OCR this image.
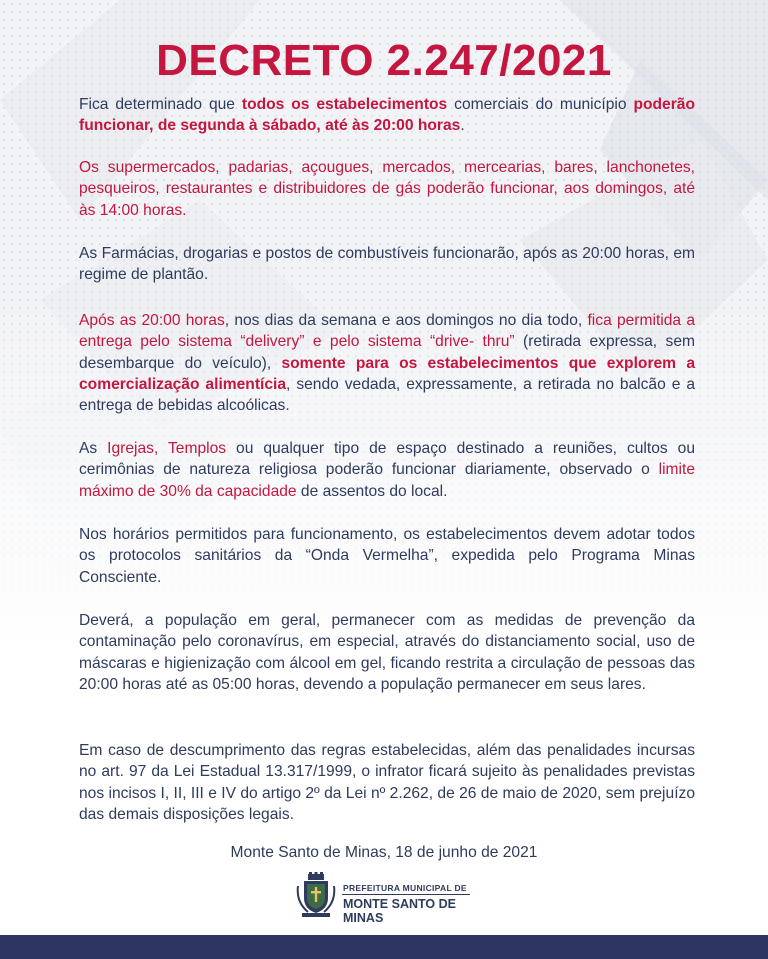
DECRETO 2.247/2021

Fica determinado que todos os estabelecimentos comerciais do município poderão funcionar, de segunda à sábado, até às 20:00 horas.

Os supermercados, padarias, açougues, mercados, mercearias, bares, lanchonetes, pesqueiros, restaurantes e distribuidores de gás poderão funcionar, aos domingos, até às 14:00 horas.

As Farmácias, drogarias e postos de combustíveis funcionarão, após as 20:00 horas, em regime de plantão.

Após as 20:00 horas, nos dias da semana e aos domingos no dia todo, fica permitida a entrega pelo sistema “delivery” e pelo sistema “drive- thru” (retirada expressa, sem desembarque do veículo), somente para os estabelecimentos que explorem a comercialização alimentícia, sendo vedada, expressamente, a retirada no balcão e a entrega de bebidas alcoólicas.

As Igrejas, Templos ou qualquer tipo de espaço destinado a reuniões, cultos ou cerimônias de natureza religiosa poderão funcionar diariamente, observado o limite máximo de 30% da capacidade de assentos do local.

Nos horários permitidos para funcionamento, os estabelecimentos devem adotar todos os protocolos sanitários da “Onda Vermelha”, expedida pelo Programa Minas Consciente.

Deverá, a população em geral, permanecer com as medidas de prevenção da contaminação pelo coronavírus, em especial, através do distanciamento social, uso de máscaras e higienização com álcool em gel, ficando restrita a circulação de pessoas das 20:00 horas até as 05:00 horas, devendo a população permanecer em seus lares.

Em caso de descumprimento das regras estabelecidas, além das penalidades incursas no art. 97 da Lei Estadual 13.317/1999, o infrator ficará sujeito às penalidades previstas nos incisos I, II, III e IV do artigo 2º da Lei nº 2.262, de 26 de maio de 2020, sem prejuízo das demais disposições legais.

Monte Santo de Minas, 18 de junho de 2021
PREFEITURA MUNICIPAL DE
MONTE SANTO DE MINAS
